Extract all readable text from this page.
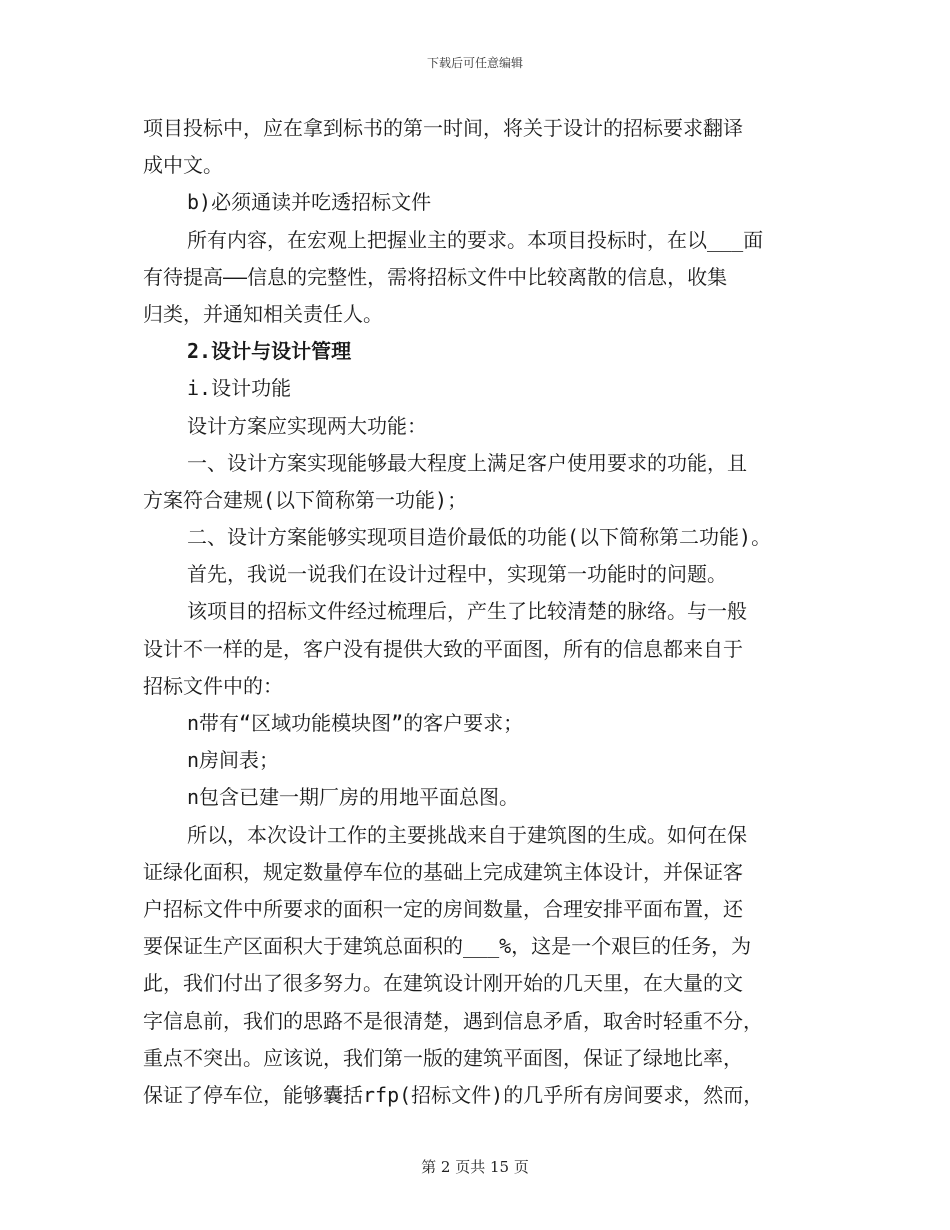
下载后可任意编辑
项目投标中，应在拿到标书的第一时间，将关于设计的招标要求翻译
成中文。
b)必须通读并吃透招标文件
所有内容，在宏观上把握业主的要求。本项目投标时，在以___面
有待提高——信息的完整性，需将招标文件中比较离散的信息，收集
归类，并通知相关责任人。
2.设计与设计管理
i.设计功能
设计方案应实现两大功能：
一、设计方案实现能够最大程度上满足客户使用要求的功能，且
方案符合建规(以下简称第一功能)；
二、设计方案能够实现项目造价最低的功能(以下简称第二功能)。
首先，我说一说我们在设计过程中，实现第一功能时的问题。
该项目的招标文件经过梳理后，产生了比较清楚的脉络。与一般
设计不一样的是，客户没有提供大致的平面图，所有的信息都来自于
招标文件中的：
n带有“区域功能模块图”的客户要求；
n房间表；
n包含已建一期厂房的用地平面总图。
所以，本次设计工作的主要挑战来自于建筑图的生成。如何在保
证绿化面积，规定数量停车位的基础上完成建筑主体设计，并保证客
户招标文件中所要求的面积一定的房间数量，合理安排平面布置，还
要保证生产区面积大于建筑总面积的___%，这是一个艰巨的任务，为
此，我们付出了很多努力。在建筑设计刚开始的几天里，在大量的文
字信息前，我们的思路不是很清楚，遇到信息矛盾，取舍时轻重不分，
重点不突出。应该说，我们第一版的建筑平面图，保证了绿地比率，
保证了停车位，能够囊括rfp(招标文件)的几乎所有房间要求，然而，
第 2 页共 15 页
